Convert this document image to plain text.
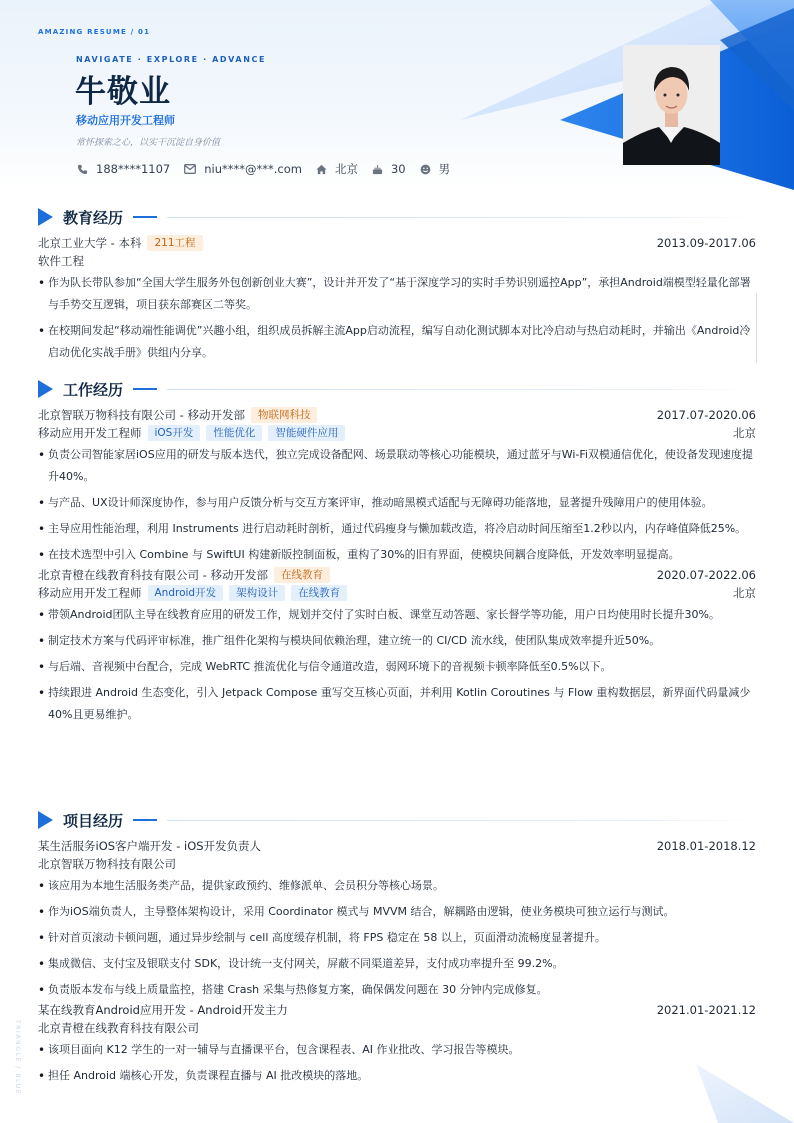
AMAZING RESUME / 01
NAVIGATE · EXPLORE · ADVANCE
牛敬业
移动应用开发工程师
常怀探索之心，以实干沉淀自身价值
188****1107	niu****@***.com	北京	30	男
教育经历
北京工业大学 - 本科	211工程	2013.09-2017.06
软件工程
• 作为队长带队参加“全国大学生服务外包创新创业大赛”，设计并开发了“基于深度学习的实时手势识别遥控App”，承担Android端模型轻量化部署与手势交互逻辑，项目获东部赛区二等奖。
• 在校期间发起“移动端性能调优”兴趣小组，组织成员拆解主流App启动流程，编写自动化测试脚本对比冷启动与热启动耗时，并输出《Android冷启动优化实战手册》供组内分享。
工作经历
北京智联万物科技有限公司 - 移动开发部	物联网科技	2017.07-2020.06
移动应用开发工程师	iOS开发	性能优化	智能硬件应用	北京
• 负责公司智能家居iOS应用的研发与版本迭代，独立完成设备配网、场景联动等核心功能模块，通过蓝牙与Wi-Fi双模通信优化，使设备发现速度提升40%。
• 与产品、UX设计师深度协作，参与用户反馈分析与交互方案评审，推动暗黑模式适配与无障碍功能落地，显著提升残障用户的使用体验。
• 主导应用性能治理，利用 Instruments 进行启动耗时剖析，通过代码瘦身与懒加载改造，将冷启动时间压缩至1.2秒以内，内存峰值降低25%。
• 在技术选型中引入 Combine 与 SwiftUI 构建新版控制面板，重构了30%的旧有界面，使模块间耦合度降低，开发效率明显提高。
北京青橙在线教育科技有限公司 - 移动开发部	在线教育	2020.07-2022.06
移动应用开发工程师	Android开发	架构设计	在线教育	北京
• 带领Android团队主导在线教育应用的研发工作，规划并交付了实时白板、课堂互动答题、家长督学等功能，用户日均使用时长提升30%。
• 制定技术方案与代码评审标准，推广组件化架构与模块间依赖治理，建立统一的 CI/CD 流水线，使团队集成效率提升近50%。
• 与后端、音视频中台配合，完成 WebRTC 推流优化与信令通道改造，弱网环境下的音视频卡顿率降低至0.5%以下。
• 持续跟进 Android 生态变化，引入 Jetpack Compose 重写交互核心页面，并利用 Kotlin Coroutines 与 Flow 重构数据层，新界面代码量减少40%且更易维护。
项目经历
某生活服务iOS客户端开发 - iOS开发负责人	2018.01-2018.12
北京智联万物科技有限公司
• 该应用为本地生活服务类产品，提供家政预约、维修派单、会员积分等核心场景。
• 作为iOS端负责人，主导整体架构设计，采用 Coordinator 模式与 MVVM 结合，解耦路由逻辑，使业务模块可独立运行与测试。
• 针对首页滚动卡顿问题，通过异步绘制与 cell 高度缓存机制，将 FPS 稳定在 58 以上，页面滑动流畅度显著提升。
• 集成微信、支付宝及银联支付 SDK，设计统一支付网关，屏蔽不同渠道差异，支付成功率提升至 99.2%。
• 负责版本发布与线上质量监控，搭建 Crash 采集与热修复方案，确保偶发问题在 30 分钟内完成修复。
某在线教育Android应用开发 - Android开发主力	2021.01-2021.12
北京青橙在线教育科技有限公司
• 该项目面向 K12 学生的一对一辅导与直播课平台，包含课程表、AI 作业批改、学习报告等模块。
• 担任 Android 端核心开发，负责课程直播与 AI 批改模块的落地。
TRIANGLE / BLUE
